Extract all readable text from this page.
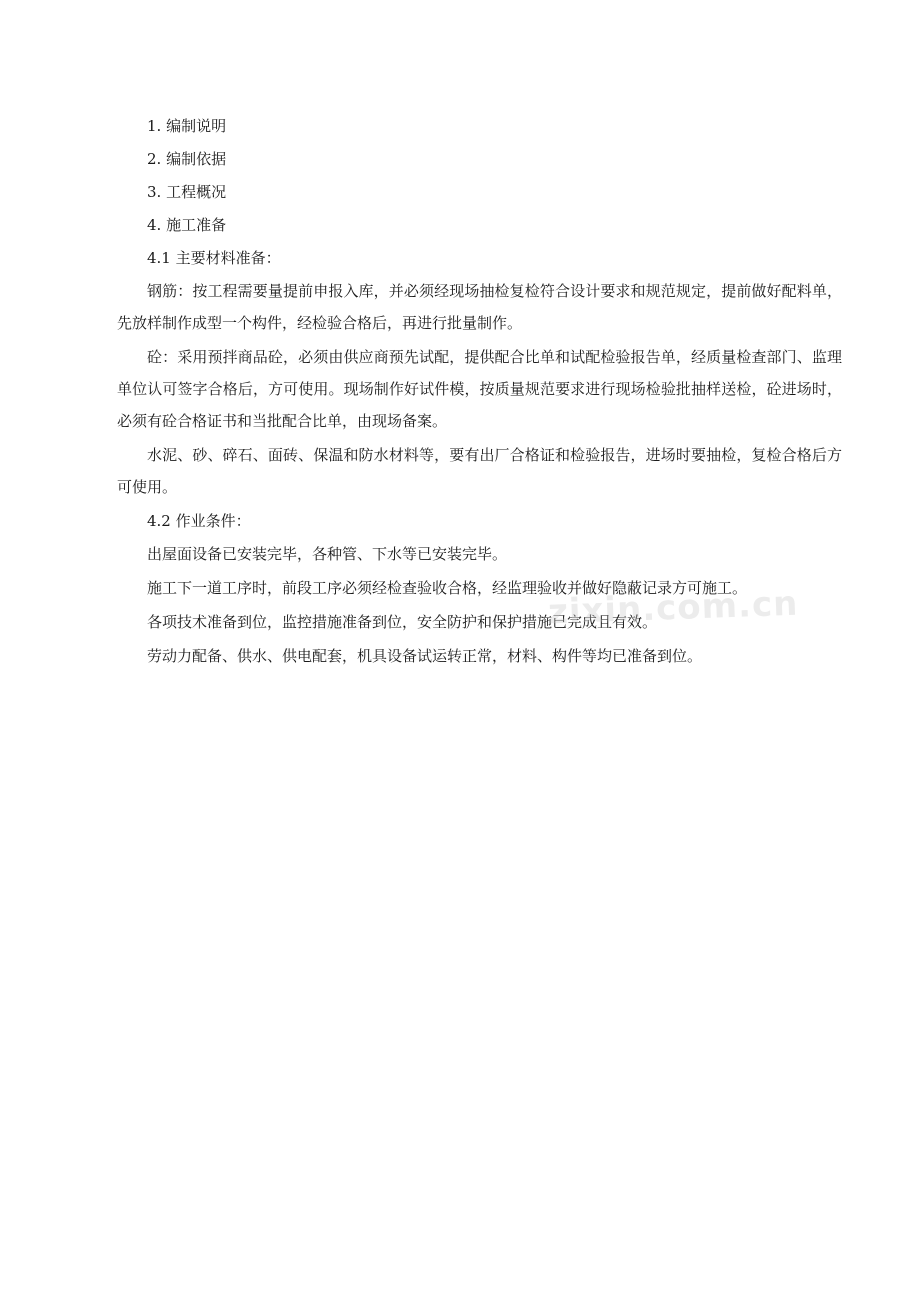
1. 编制说明

2. 编制依据

3. 工程概况

4. 施工准备

4.1 主要材料准备：

钢筋：按工程需要量提前申报入库，并必须经现场抽检复检符合设计要求和规范规定，提前做好配料单，先放样制作成型一个构件，经检验合格后，再进行批量制作。

砼：采用预拌商品砼，必须由供应商预先试配，提供配合比单和试配检验报告单，经质量检查部门、监理单位认可签字合格后，方可使用。现场制作好试件模，按质量规范要求进行现场检验批抽样送检，砼进场时，必须有砼合格证书和当批配合比单，由现场备案。

水泥、砂、碎石、面砖、保温和防水材料等，要有出厂合格证和检验报告，进场时要抽检，复检合格后方可使用。

4.2 作业条件：

出屋面设备已安装完毕，各种管、下水等已安装完毕。

施工下一道工序时，前段工序必须经检查验收合格，经监理验收并做好隐蔽记录方可施工。

各项技术准备到位，监控措施准备到位，安全防护和保护措施已完成且有效。

劳动力配备、供水、供电配套，机具设备试运转正常，材料、构件等均已准备到位。

zixin.com.cn
